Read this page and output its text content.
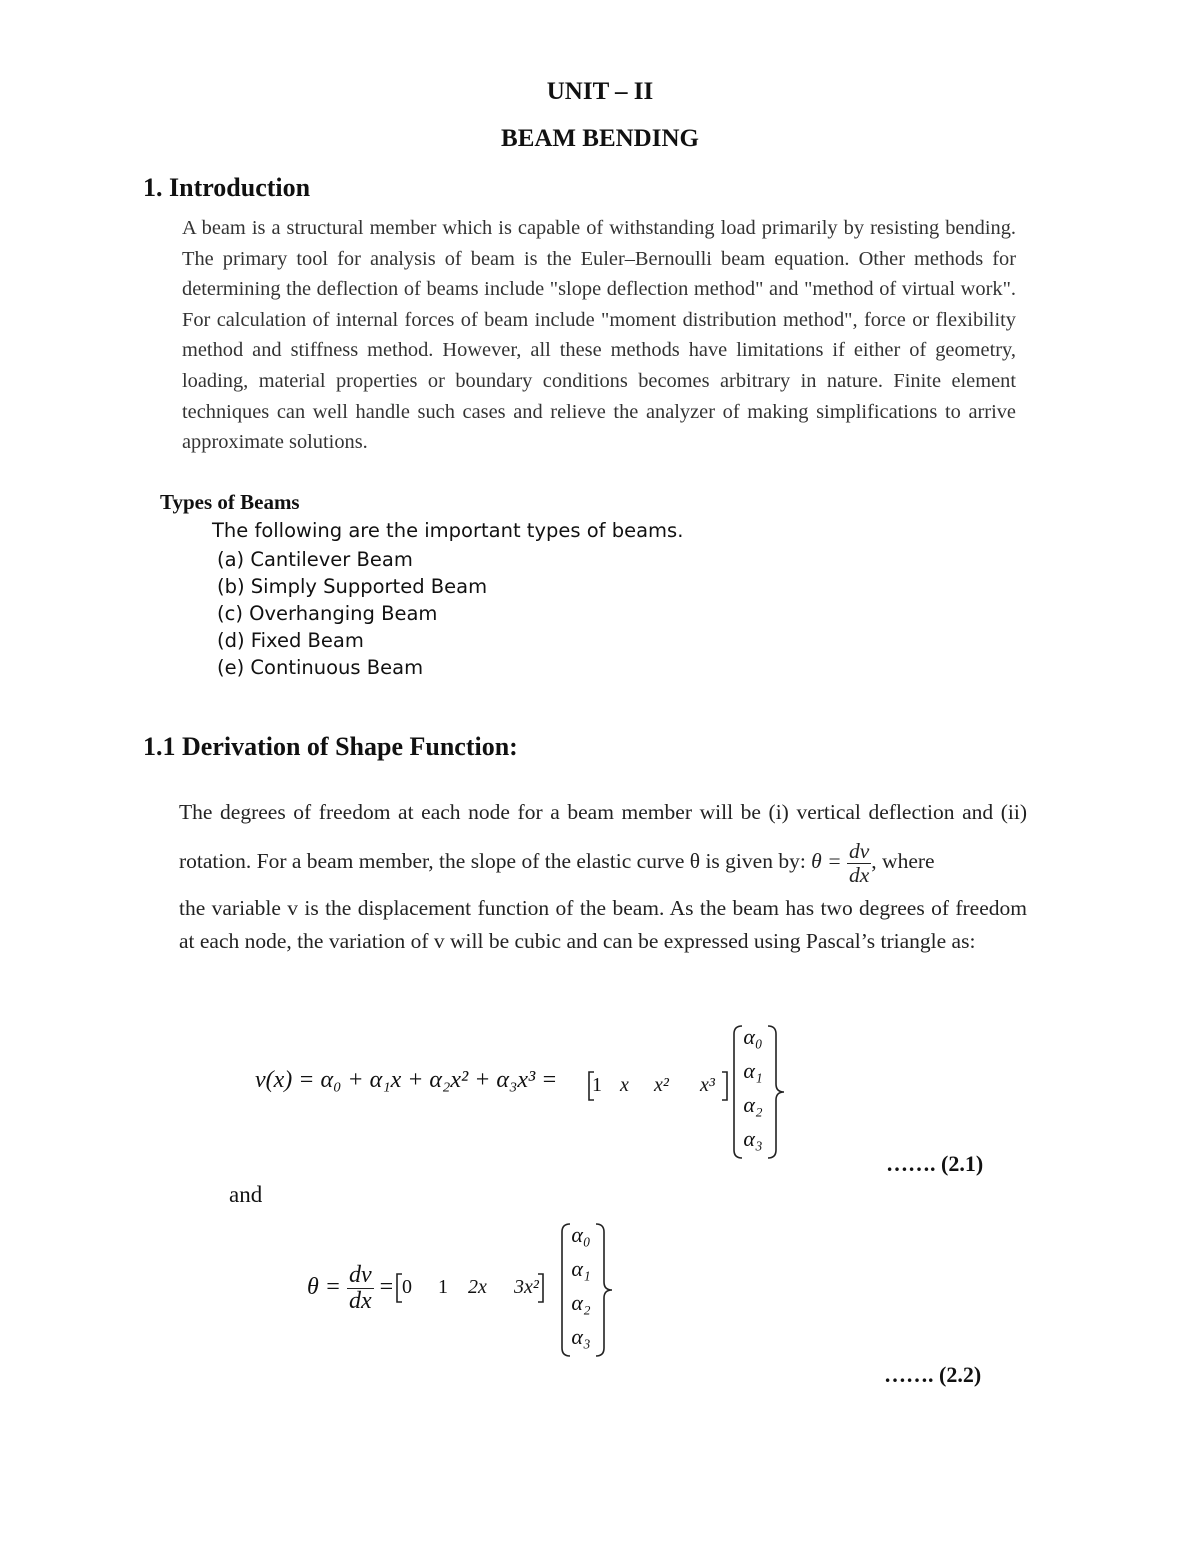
UNIT – II
BEAM BENDING
1. Introduction
A beam is a structural member which is capable of withstanding load primarily by resisting bending. The primary tool for analysis of beam is the Euler–Bernoulli beam equation. Other methods for determining the deflection of beams include "slope deflection method" and "method of virtual work". For calculation of internal forces of beam include "moment distribution method", force or flexibility method and stiffness method. However, all these methods have limitations if either of geometry, loading, material properties or boundary conditions becomes arbitrary in nature. Finite element techniques can well handle such cases and relieve the analyzer of making simplifications to arrive approximate solutions.
Types of Beams
The following are the important types of beams.
(a) Cantilever Beam
(b) Simply Supported Beam
(c) Overhanging Beam
(d) Fixed Beam
(e) Continuous Beam
1.1 Derivation of Shape Function:
The degrees of freedom at each node for a beam member will be (i) vertical deflection and (ii) rotation. For a beam member, the slope of the elastic curve θ is given by: $\theta = \frac{dv}{dx}$ , where
the variable v is the displacement function of the beam. As the beam has two degrees of freedom at each node, the variation of v will be cubic and can be expressed using Pascal’s triangle as:
v(x) = α₀ + α₁x + α₂x² + α₃x³ = 1 x x² x³
α₀
α₁
α₂
α₃
……. (2.1)
and
$\theta = \frac{dv}{dx} = 0$ 1 2x 3x²
α₀
α₁
α₂
α₃
……. (2.2)
